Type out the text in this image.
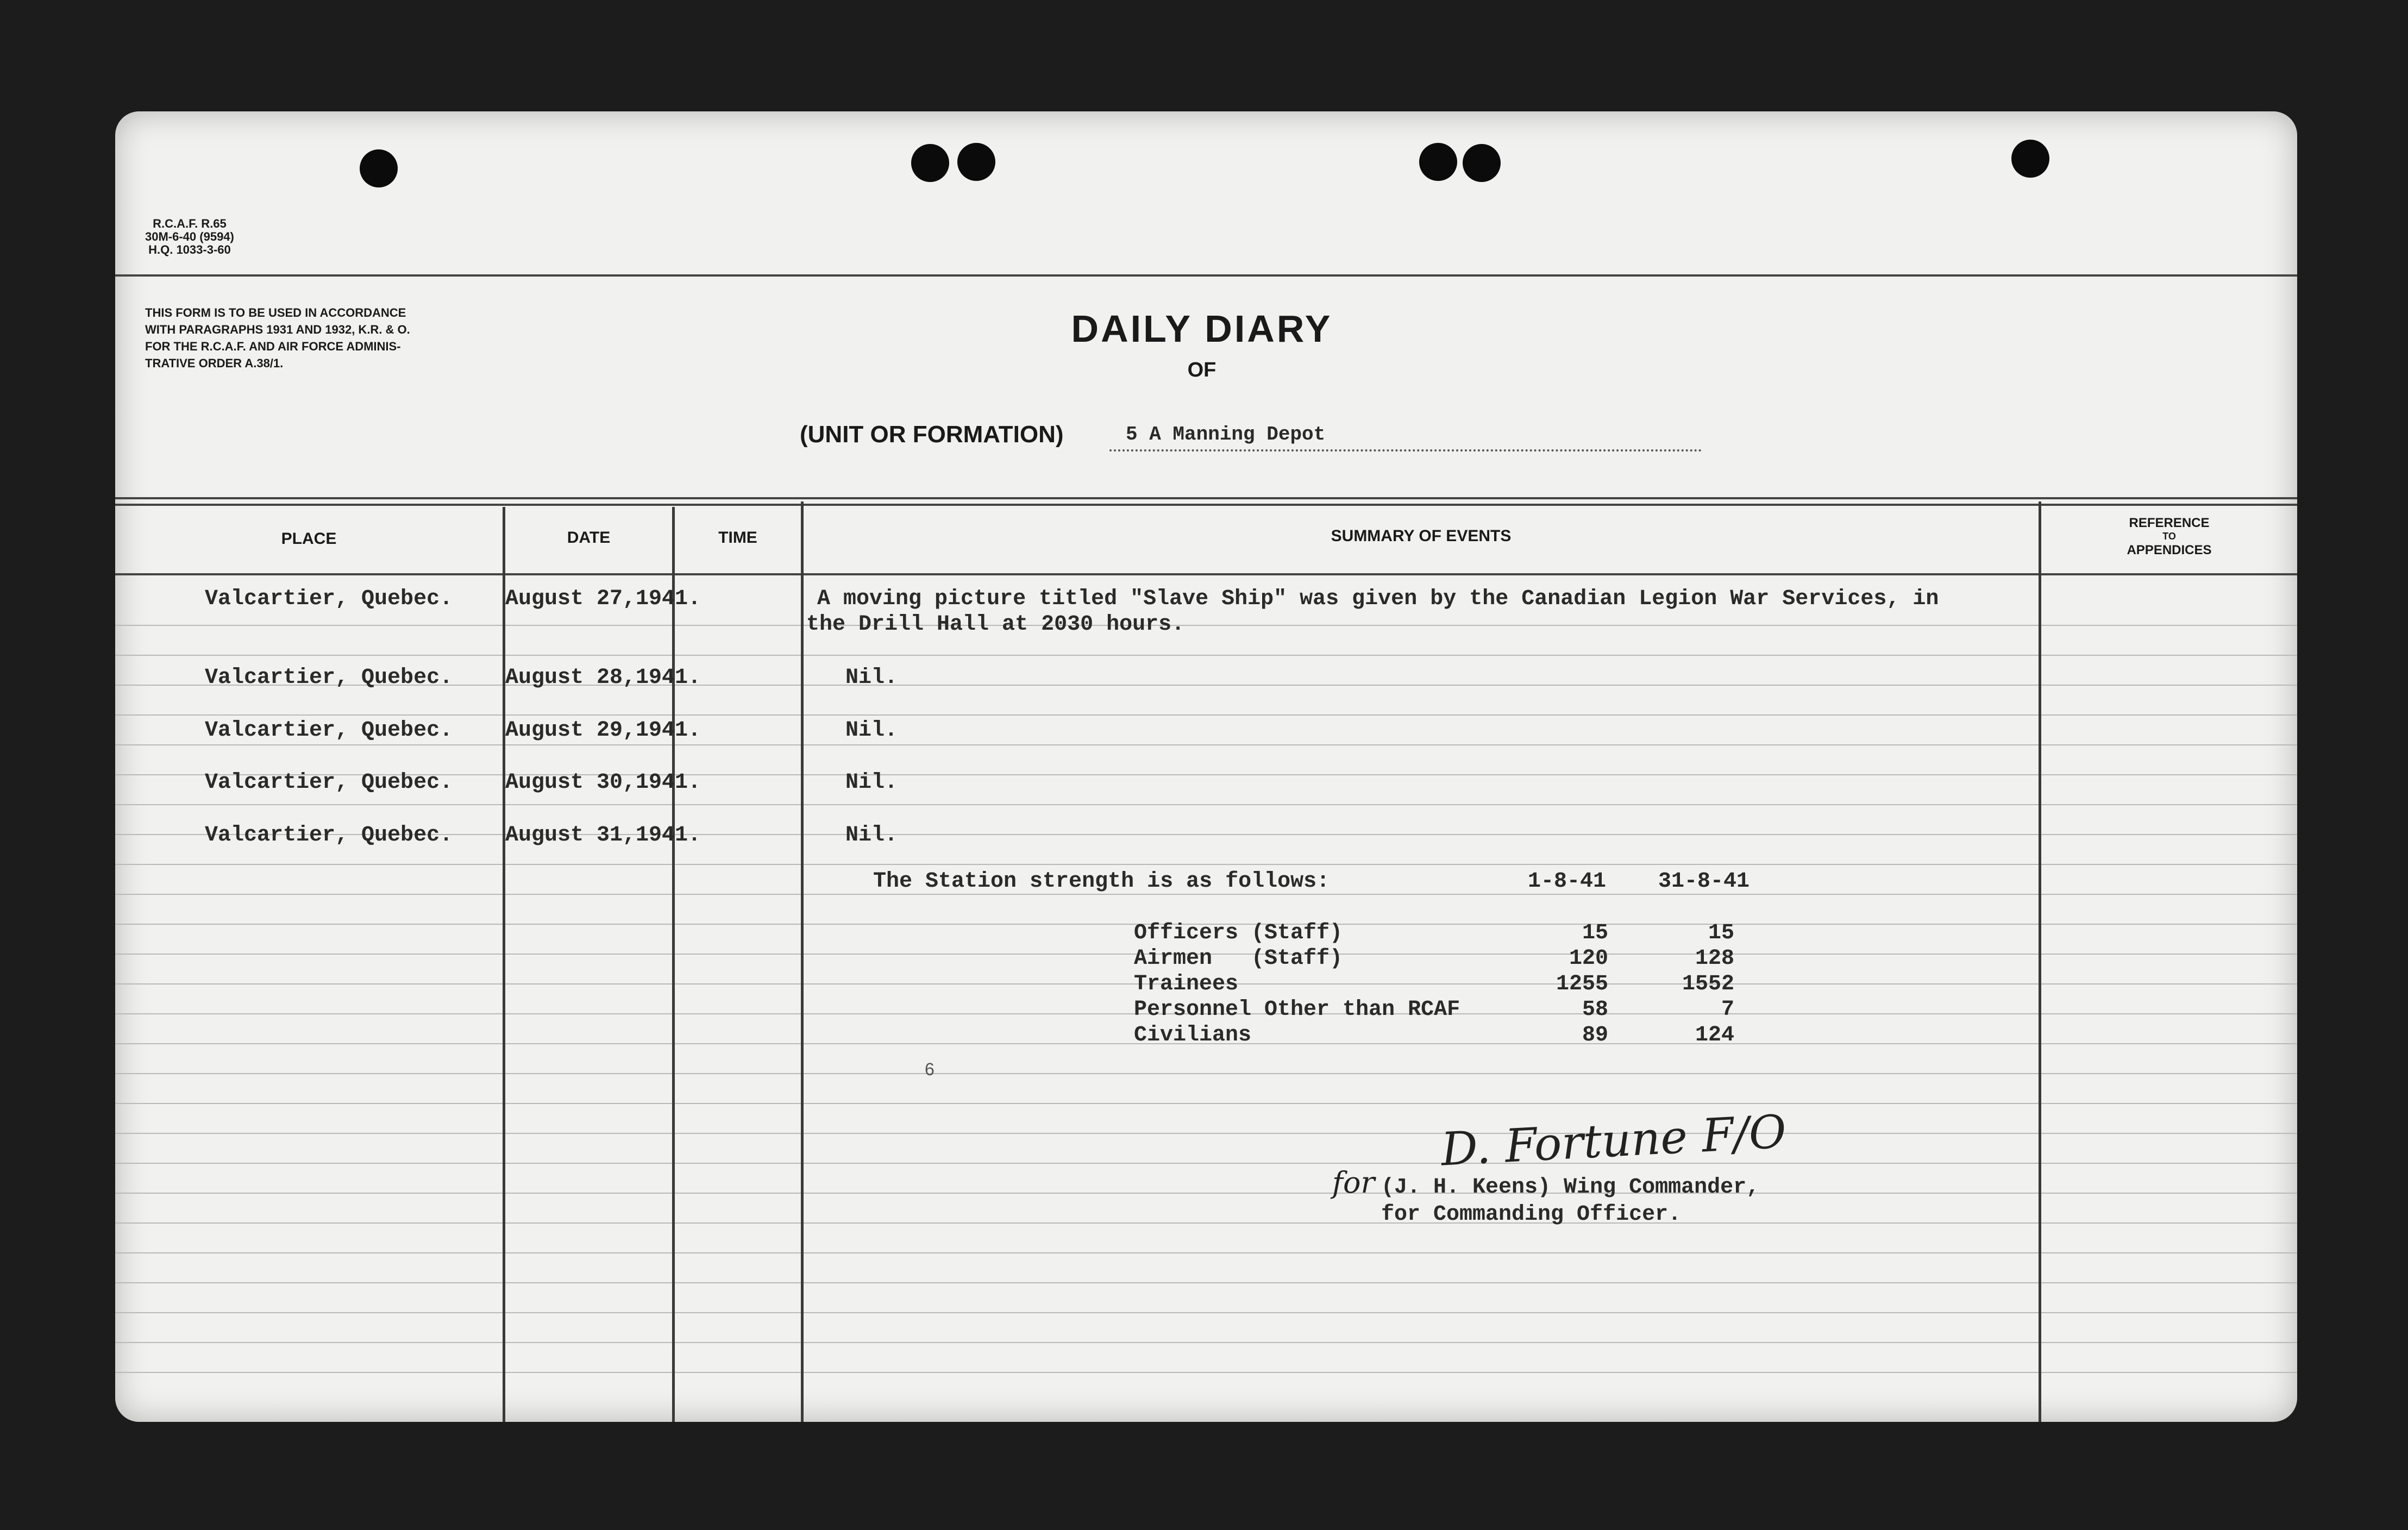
R.C.A.F. R.65
30M-6-40 (9594)
H.Q. 1033-3-60
THIS FORM IS TO BE USED IN ACCORDANCE
WITH PARAGRAPHS 1931 AND 1932, K.R. & O.
FOR THE R.C.A.F. AND AIR FORCE ADMINIS-
TRATIVE ORDER A.38/1.
DAILY DIARY
OF
(UNIT OR FORMATION)	5 A Manning Depot
PLACE	DATE	TIME	SUMMARY OF EVENTS
REFERENCE
TO
APPENDICES
Valcartier, Quebec. August 27,1941.	A moving picture titled "Slave Ship" was given by the Canadian Legion War Services, in
the Drill Hall at 2030 hours.
Valcartier, Quebec. August 28,1941.	Nil.
Valcartier, Quebec. August 29,1941.	Nil.
Valcartier, Quebec. August 30,1941.	Nil.
Valcartier, Quebec. August 31,1941.	Nil.
The Station strength is as follows:	1-8-41 31-8-41
Officers (Staff)	15	15
Airmen   (Staff)	120	128
Trainees	1255	1552
Personnel Other than RCAF	58	7
Civilians	89	124
6
D. Fortune F/O
for (J. H. Keens) Wing Commander,
for Commanding Officer.
